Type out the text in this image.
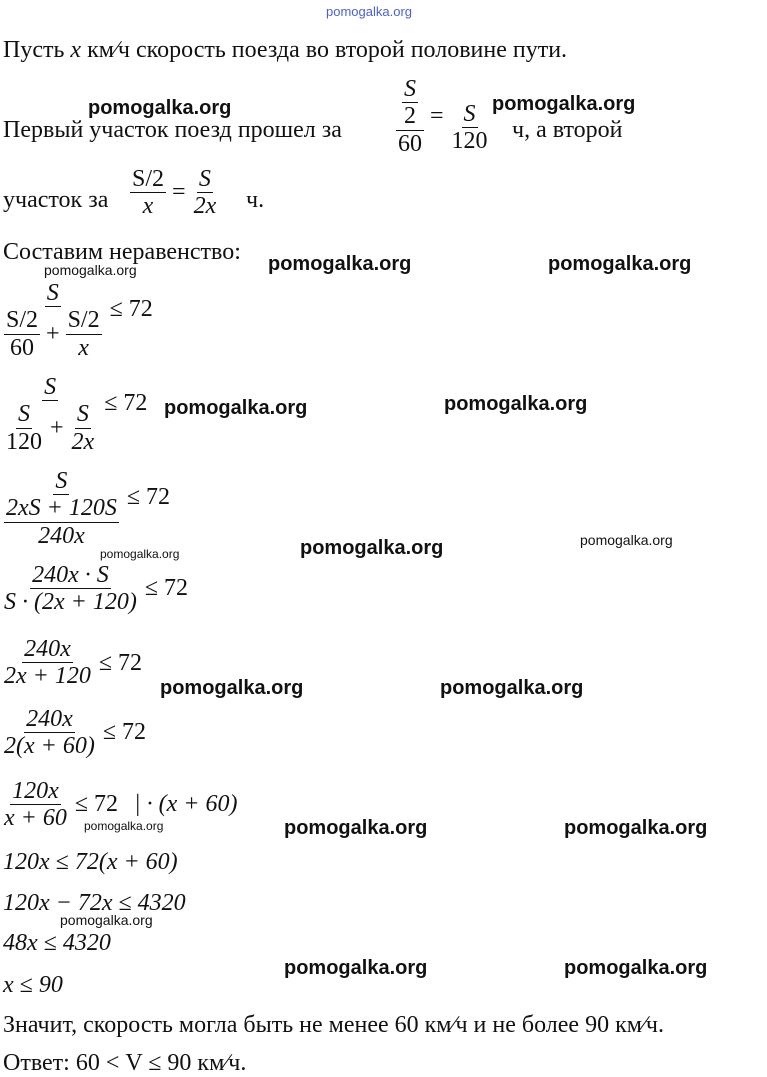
pomogalka.org
Пусть x км∕ч скорость поезда во второй половине пути.
Первый участок поезд прошел за $\frac{\frac{S}{2}}{60} = \frac{S}{120} ч$, а второй
pomogalka.org	pomogalka.org
участок за $\frac{S/2}{x} = \frac{S}{2x} ч$.
Составим неравенство:
pomogalka.org	pomogalka.org	pomogalka.org
$\frac{S}{\frac{S/2}{60} + \frac{S/2}{x}} \le 72$
$\frac{S}{\frac{S}{120} + \frac{S}{2x}} \le 72$ pomogalka.org	pomogalka.org
$\frac{S}{\frac{2xS + 120S}{240x}} \le 72$
pomogalka.org	pomogalka.org	pomogalka.org
$\frac{240x \cdot S}{S \cdot (2x + 120)} \le 72$
$\frac{240x}{2x + 120} \le 72$
pomogalka.org	pomogalka.org
$\frac{240x}{2(x + 60)} \le 72$
$\frac{120x}{x + 60} \le 72$ | · (x + 60)
pomogalka.org	pomogalka.org	pomogalka.org
120x ≤ 72(x + 60)
120x − 72x ≤ 4320
pomogalka.org
48x ≤ 4320
x ≤ 90
pomogalka.org	pomogalka.org
Значит, скорость могла быть не менее 60 км∕ч и не более 90 км∕ч.
Ответ: 60 < V ≤ 90 км∕ч.
